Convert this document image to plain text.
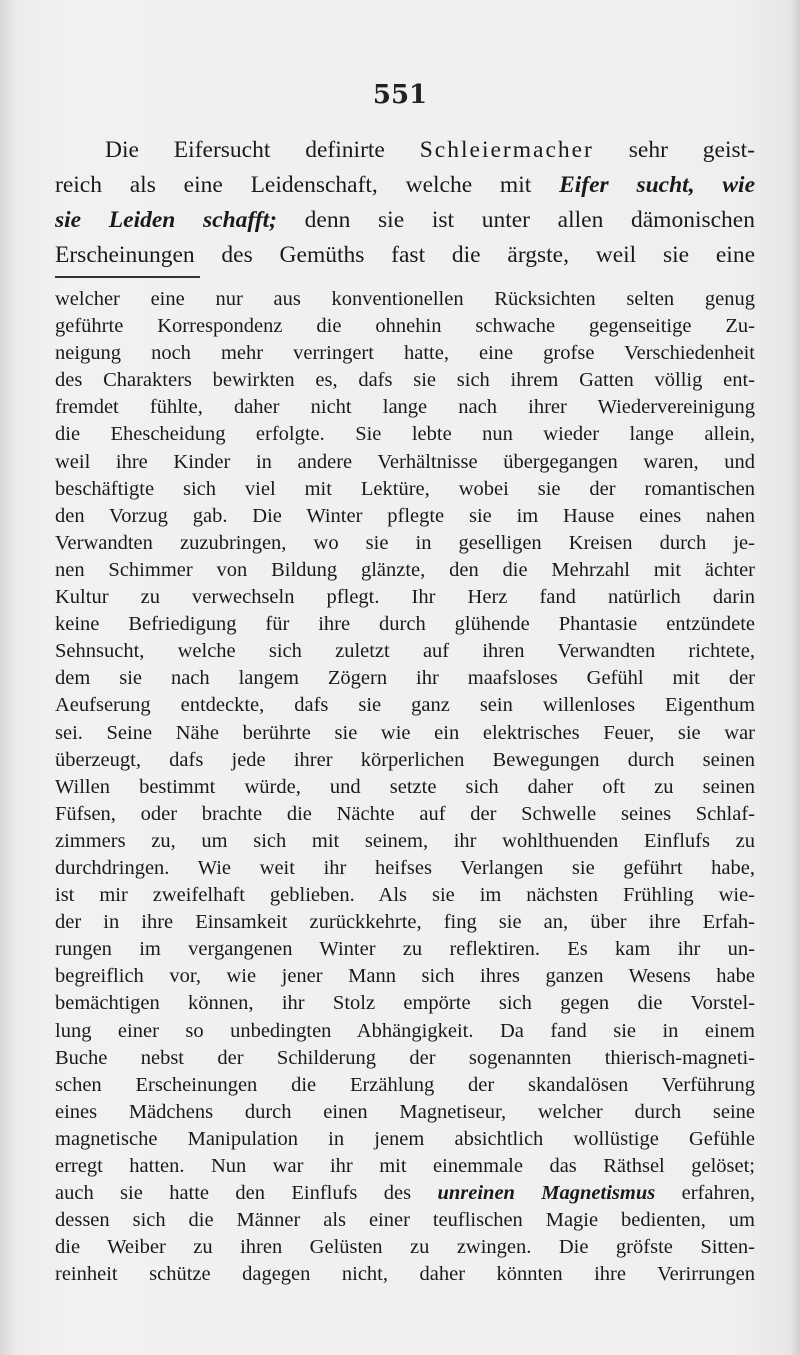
551
Die Eifersucht definirte Schleiermacher sehr geist-
reich als eine Leidenschaft, welche mit Eifer sucht, wie
sie Leiden schafft; denn sie ist unter allen dämonischen
Erscheinungen des Gemüths fast die ärgste, weil sie eine
welcher eine nur aus konventionellen Rücksichten selten genug
geführte Korrespondenz die ohnehin schwache gegenseitige Zu-
neigung noch mehr verringert hatte, eine grofse Verschiedenheit
des Charakters bewirkten es, dafs sie sich ihrem Gatten völlig ent-
fremdet fühlte, daher nicht lange nach ihrer Wiedervereinigung
die Ehescheidung erfolgte. Sie lebte nun wieder lange allein,
weil ihre Kinder in andere Verhältnisse übergegangen waren, und
beschäftigte sich viel mit Lektüre, wobei sie der romantischen
den Vorzug gab. Die Winter pflegte sie im Hause eines nahen
Verwandten zuzubringen, wo sie in geselligen Kreisen durch je-
nen Schimmer von Bildung glänzte, den die Mehrzahl mit ächter
Kultur zu verwechseln pflegt. Ihr Herz fand natürlich darin
keine Befriedigung für ihre durch glühende Phantasie entzündete
Sehnsucht, welche sich zuletzt auf ihren Verwandten richtete,
dem sie nach langem Zögern ihr maafsloses Gefühl mit der
Aeufserung entdeckte, dafs sie ganz sein willenloses Eigenthum
sei. Seine Nähe berührte sie wie ein elektrisches Feuer, sie war
überzeugt, dafs jede ihrer körperlichen Bewegungen durch seinen
Willen bestimmt würde, und setzte sich daher oft zu seinen
Füfsen, oder brachte die Nächte auf der Schwelle seines Schlaf-
zimmers zu, um sich mit seinem, ihr wohlthuenden Einflufs zu
durchdringen. Wie weit ihr heifses Verlangen sie geführt habe,
ist mir zweifelhaft geblieben. Als sie im nächsten Frühling wie-
der in ihre Einsamkeit zurückkehrte, fing sie an, über ihre Erfah-
rungen im vergangenen Winter zu reflektiren. Es kam ihr un-
begreiflich vor, wie jener Mann sich ihres ganzen Wesens habe
bemächtigen können, ihr Stolz empörte sich gegen die Vorstel-
lung einer so unbedingten Abhängigkeit. Da fand sie in einem
Buche nebst der Schilderung der sogenannten thierisch-magneti-
schen Erscheinungen die Erzählung der skandalösen Verführung
eines Mädchens durch einen Magnetiseur, welcher durch seine
magnetische Manipulation in jenem absichtlich wollüstige Gefühle
erregt hatten. Nun war ihr mit einemmale das Räthsel gelöset;
auch sie hatte den Einflufs des unreinen Magnetismus erfahren,
dessen sich die Männer als einer teuflischen Magie bedienten, um
die Weiber zu ihren Gelüsten zu zwingen. Die gröfste Sitten-
reinheit schütze dagegen nicht, daher könnten ihre Verirrungen
